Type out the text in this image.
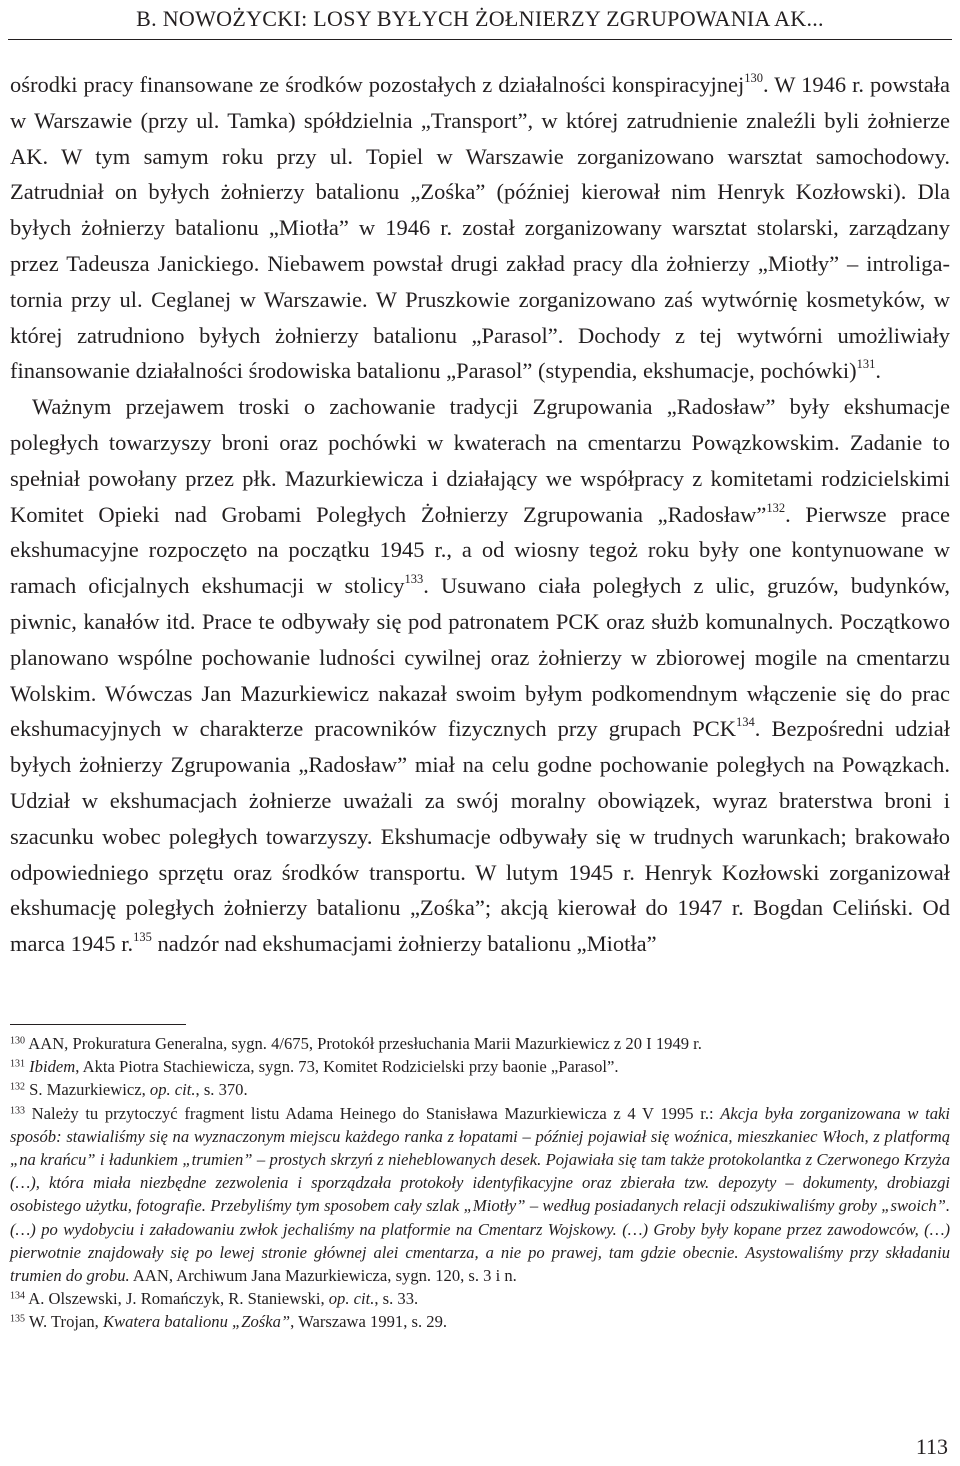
B. NOWOŻYCKI: LOSY BYŁYCH ŻOŁNIERZY ZGRUPOWANIA AK...

ośrodki pracy finansowane ze środków pozostałych z działalności konspiracyjnej$^{130}$. W 1946 r. powstała w Warszawie (przy ul. Tamka) spółdzielnia „Transport”, w której zatrudnienie znaleźli byli żołnierze AK. W tym samym roku przy ul. Topiel w Warszawie zorganizowano warsztat samochodowy. Zatrudniał on byłych żołnierzy batalionu „Zośka” (później kierował nim Henryk Kozłowski). Dla byłych żołnierzy batalionu „Miotła” w 1946 r. został zorganizowany warsztat stolarski, zarządzany przez Tadeusza Janickiego. Niebawem powstał drugi zakład pracy dla żołnierzy „Miotły” – introligatornia przy ul. Ceglanej w Warszawie. W Pruszkowie zorganizowano zaś wytwórnię kosmetyków, w której zatrudniono byłych żołnierzy batalionu „Parasol”. Dochody z tej wytwórni umożliwiały finansowanie działalności środowiska batalionu „Parasol” (stypendia, ekshumacje, pochówki)$^{131}$.

Ważnym przejawem troski o zachowanie tradycji Zgrupowania „Radosław” były ekshumacje poległych towarzyszy broni oraz pochówki w kwaterach na cmentarzu Powązkowskim. Zadanie to spełniał powołany przez płk. Mazurkiewicza i działający we współpracy z komitetami rodzicielskimi Komitet Opieki nad Grobami Poległych Żołnierzy Zgrupowania „Radosław”$^{132}$. Pierwsze prace ekshumacyjne rozpoczęto na początku 1945 r., a od wiosny tegoż roku były one kontynuowane w ramach oficjalnych ekshumacji w stolicy$^{133}$. Usuwano ciała poległych z ulic, gruzów, budynków, piwnic, kanałów itd. Prace te odbywały się pod patronatem PCK oraz służb komunalnych. Początkowo planowano wspólne pochowanie ludności cywilnej oraz żołnierzy w zbiorowej mogile na cmentarzu Wolskim. Wówczas Jan Mazurkiewicz nakazał swoim byłym podkomendnym włączenie się do prac ekshumacyjnych w charakterze pracowników fizycznych przy grupach PCK$^{134}$. Bezpośredni udział byłych żołnierzy Zgrupowania „Radosław” miał na celu godne pochowanie poległych na Powązkach. Udział w ekshumacjach żołnierze uważali za swój moralny obowiązek, wyraz braterstwa broni i szacunku wobec poległych towarzyszy. Ekshumacje odbywały się w trudnych warunkach; brakowało odpowiedniego sprzętu oraz środków transportu. W lutym 1945 r. Henryk Kozłowski zorganizował ekshumację poległych żołnierzy batalionu „Zośka”; akcją kierował do 1947 r. Bogdan Celiński. Od marca 1945 r.$^{135}$ nadzór nad ekshumacjami żołnierzy batalionu „Miotła”

$^{130}$ AAN, Prokuratura Generalna, sygn. 4/675, Protokół przesłuchania Marii Mazurkiewicz z 20 I 1949 r.

$^{131}$ Ibidem, Akta Piotra Stachiewicza, sygn. 73, Komitet Rodzicielski przy baonie „Parasol”.

$^{132}$ S. Mazurkiewicz, op. cit., s. 370.

$^{133}$ Należy tu przytoczyć fragment listu Adama Heinego do Stanisława Mazurkiewicza z 4 V 1995 r.: Akcja była zorganizowana w taki sposób: stawialiśmy się na wyznaczonym miejscu każdego ranka z łopatami – później pojawiał się woźnica, mieszkaniec Włoch, z platformą „na krańcu” i ładunkiem „trumien” – prostych skrzyń z nieheblowanych desek. Pojawiała się tam także protokolantka z Czerwonego Krzyża (…), która miała niezbędne zezwolenia i sporządzała protokoły identyfikacyjne oraz zbierała tzw. depozyty – dokumenty, drobiazgi osobistego użytku, fotografie. Przebyliśmy tym sposobem cały szlak „Miotły” – według posiadanych relacji odszukiwaliśmy groby „swoich”. (…) po wydobyciu i załadowaniu zwłok jechaliśmy na platformie na Cmentarz Wojskowy. (…) Groby były kopane przez zawodowców, (…) pierwotnie znajdowały się po lewej stronie głównej alei cmentarza, a nie po prawej, tam gdzie obecnie. Asystowaliśmy przy składaniu trumien do grobu. AAN, Archiwum Jana Mazurkiewicza, sygn. 120, s. 3 i n.

$^{134}$ A. Olszewski, J. Romańczyk, R. Staniewski, op. cit., s. 33.

$^{135}$ W. Trojan, Kwatera batalionu „Zośka”, Warszawa 1991, s. 29.

113
